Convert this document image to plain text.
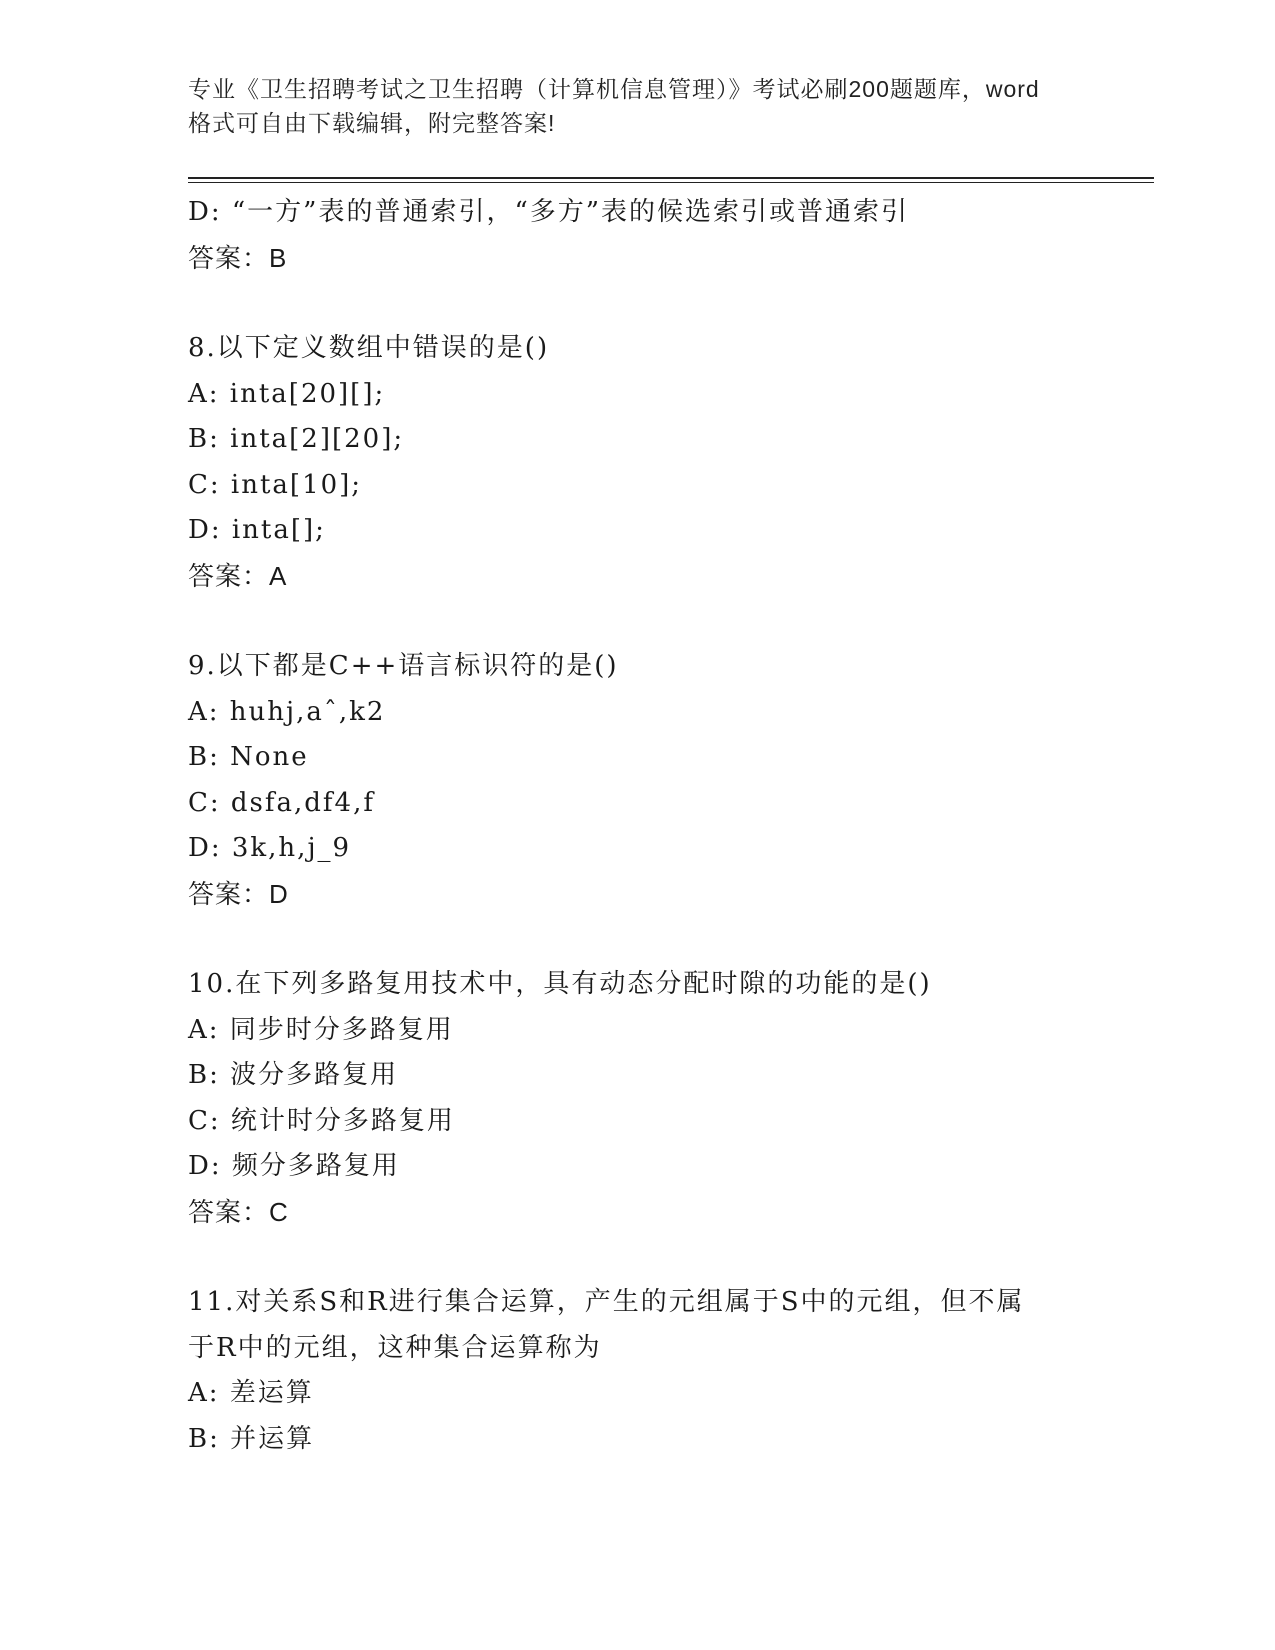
专业《卫生招聘考试之卫生招聘（计算机信息管理）》考试必刷200题题库，word
格式可自由下载编辑，附完整答案!
D: “一方”表的普通索引，“多方”表的候选索引或普通索引
答案：B
8.以下定义数组中错误的是()
A: inta[20][];
B: inta[2][20];
C: inta[10];
D: inta[];
答案：A
9.以下都是C++语言标识符的是()
A: huhj,aˆ,k2
B: None
C: dsfa,df4,f
D: 3k,h,j_9
答案：D
10.在下列多路复用技术中，具有动态分配时隙的功能的是()
A: 同步时分多路复用
B: 波分多路复用
C: 统计时分多路复用
D: 频分多路复用
答案：C
11.对关系S和R进行集合运算，产生的元组属于S中的元组，但不属
于R中的元组，这种集合运算称为
A: 差运算
B: 并运算
